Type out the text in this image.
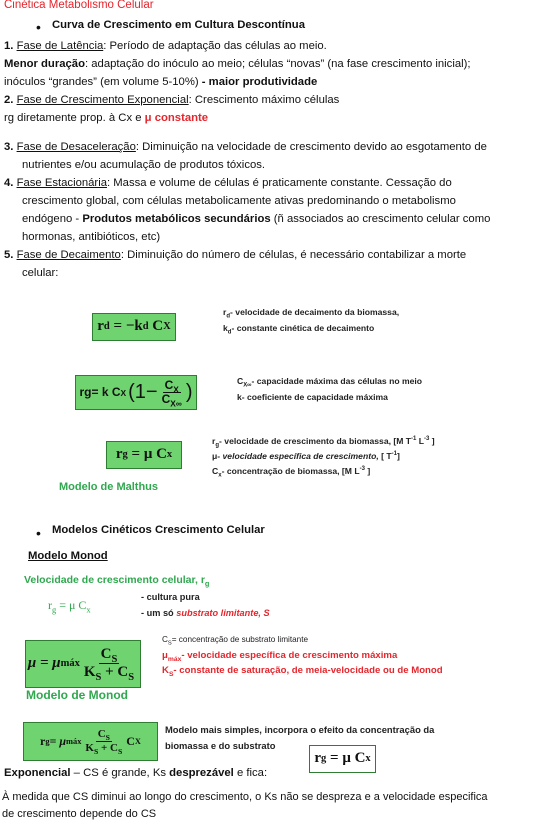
Cinética Metabolismo Celular
• Curva de Crescimento em Cultura Descontínua
1. Fase de Latência: Período de adaptação das células ao meio.
Menor duração: adaptação do inóculo ao meio; células “novas” (na fase crescimento inicial);
inóculos “grandes” (em volume 5-10%) - maior produtividade
2. Fase de Crescimento Exponencial: Crescimento máximo células
rg diretamente prop. à Cx e μ constante
3. Fase de Desaceleração: Diminuição na velocidade de crescimento devido ao esgotamento de
nutrientes e/ou acumulação de produtos tóxicos.
4. Fase Estacionária: Massa e volume de células é praticamente constante. Cessação do
crescimento global, com células metabolicamente ativas predominando o metabolismo
endógeno - Produtos metabólicos secundários (ñ associados ao crescimento celular como
hormonas, antibióticos, etc)
5. Fase de Decaimento: Diminuição do número de células, é necessário contabilizar a morte
celular:
r d
= −k d
C X
$r_d-$ velocidade de decaimento da biomassa,
$k_d-$ constante cinética de decaimento
rg= k C X ($1- \frac{C_X}{C_{X\infty}}$ )	$C_{X\infty}-$ capacidade máxima das células no meio
k- coeficiente de capacidade máxima
r g
= μ C x
Modelo de Malthus
$r_g-$ velocidade de crescimento da biomassa, [M $T^{-1}$ $L^{-3}$ ]
μ- velocidade específica de crescimento, [ $T^{-1}$]
$C_x-$ concentração de biomassa, [M $L^{-3}$ ]
• Modelos Cinéticos Crescimento Celular
Modelo Monod
Velocidade de crescimento celular, $r_g$
$r_g = \mu$ $C_x$
- cultura pura
- um só substrato limitante, S
μ = μ máx $\frac{C_S}{K_S + C_S}$
Modelo de Monod
$C_S=$ concentração de substrato limitante
$\mu_{máx}-$ velocidade específica de crescimento máxima
$K_S-$ constante de saturação, de meia-velocidade ou de Monod
r g = μ máx $\frac{C_S}{K_S + C_S}$ C X
Modelo mais simples, incorpora o efeito da concentração da
biomassa e do substrato
r g
= μ C x
Exponencial – CS é grande, Ks desprezável e fica:
À medida que CS diminui ao longo do crescimento, o Ks não se despreza e a velocidade especifica
de crescimento depende do CS
